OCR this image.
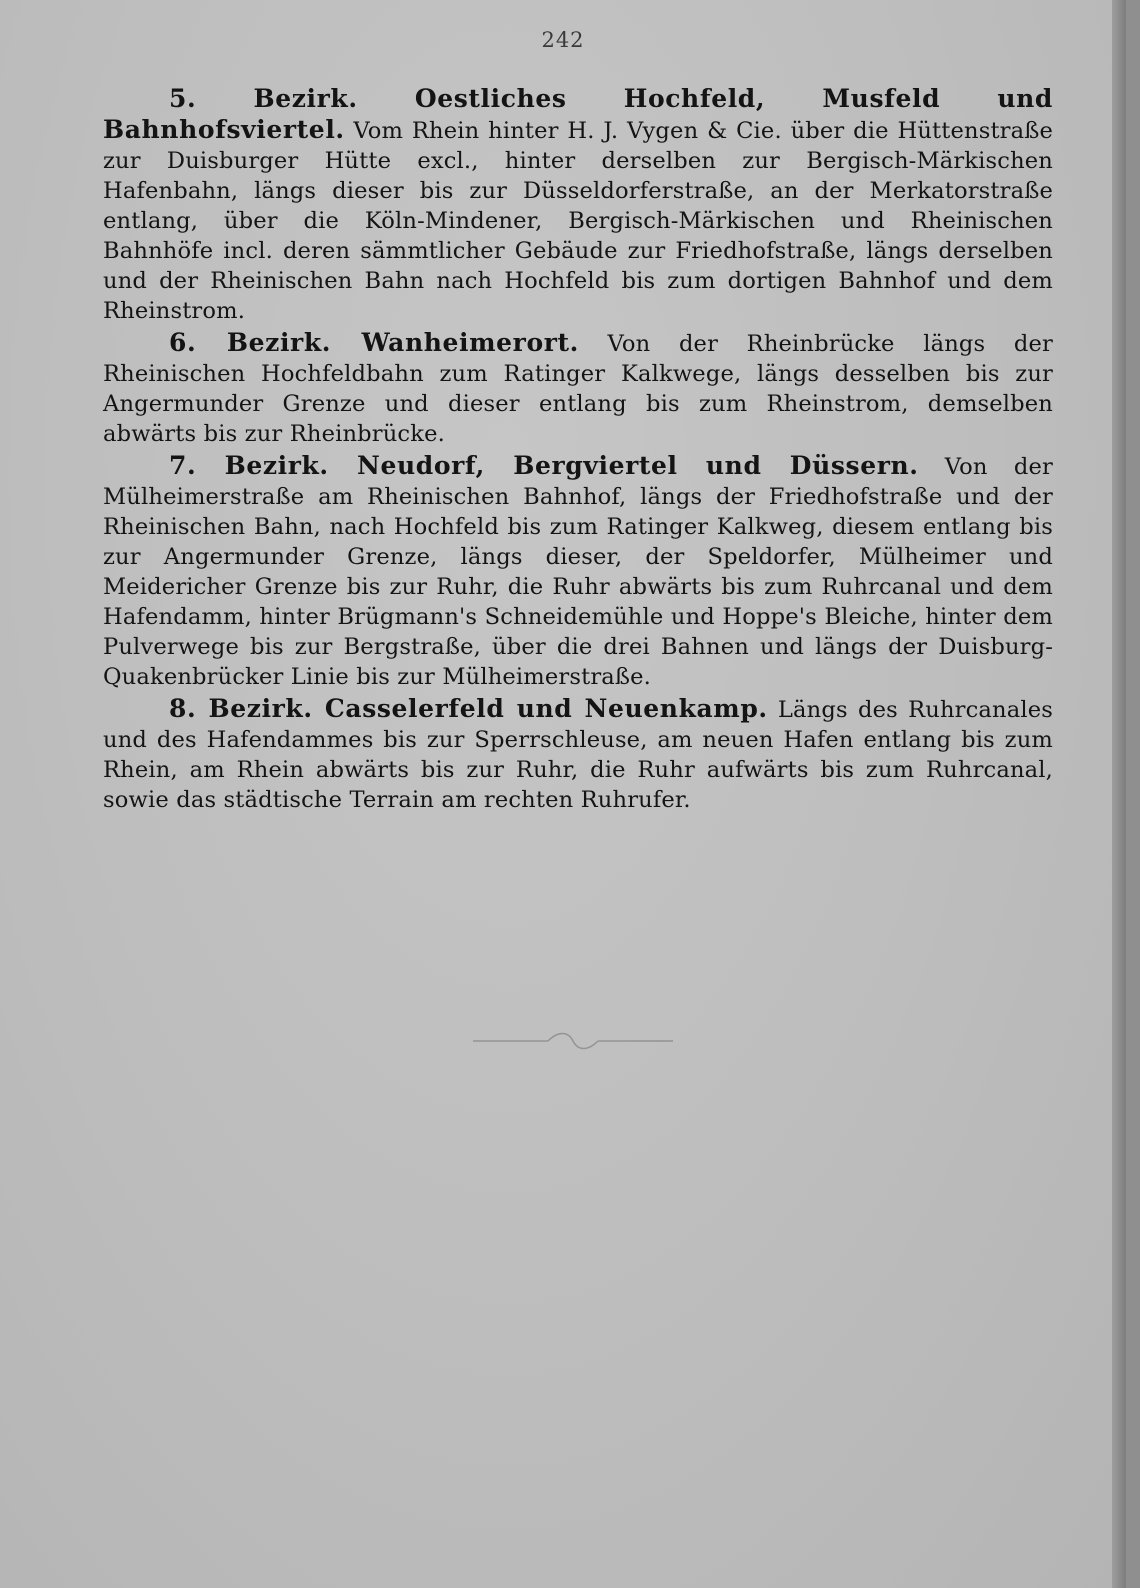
242

5. Bezirk. Oestliches Hochfeld, Musfeld und Bahnhofsviertel. Vom Rhein hinter H. J. Vygen & Cie. über die Hüttenstraße zur Duisburger Hütte excl., hinter derselben zur Bergisch-Märkischen Hafenbahn, längs dieser bis zur Düsseldorferstraße, an der Merkatorstraße entlang, über die Köln-Mindener, Bergisch-Märkischen und Rheinischen Bahnhöfe incl. deren sämmtlicher Gebäude zur Friedhofstraße, längs derselben und der Rheinischen Bahn nach Hochfeld bis zum dortigen Bahnhof und dem Rheinstrom.

6. Bezirk. Wanheimerort. Von der Rheinbrücke längs der Rheinischen Hochfeldbahn zum Ratinger Kalkwege, längs desselben bis zur Angermunder Grenze und dieser entlang bis zum Rheinstrom, demselben abwärts bis zur Rheinbrücke.

7. Bezirk. Neudorf, Bergviertel und Düssern. Von der Mülheimerstraße am Rheinischen Bahnhof, längs der Friedhofstraße und der Rheinischen Bahn, nach Hochfeld bis zum Ratinger Kalkweg, diesem entlang bis zur Angermunder Grenze, längs dieser, der Speldorfer, Mülheimer und Meidericher Grenze bis zur Ruhr, die Ruhr abwärts bis zum Ruhrcanal und dem Hafendamm, hinter Brügmann's Schneidemühle und Hoppe's Bleiche, hinter dem Pulverwege bis zur Bergstraße, über die drei Bahnen und längs der Duisburg-Quakenbrücker Linie bis zur Mülheimerstraße.

8. Bezirk. Casselerfeld und Neuenkamp. Längs des Ruhrcanales und des Hafendammes bis zur Sperrschleuse, am neuen Hafen entlang bis zum Rhein, am Rhein abwärts bis zur Ruhr, die Ruhr aufwärts bis zum Ruhrcanal, sowie das städtische Terrain am rechten Ruhrufer.
